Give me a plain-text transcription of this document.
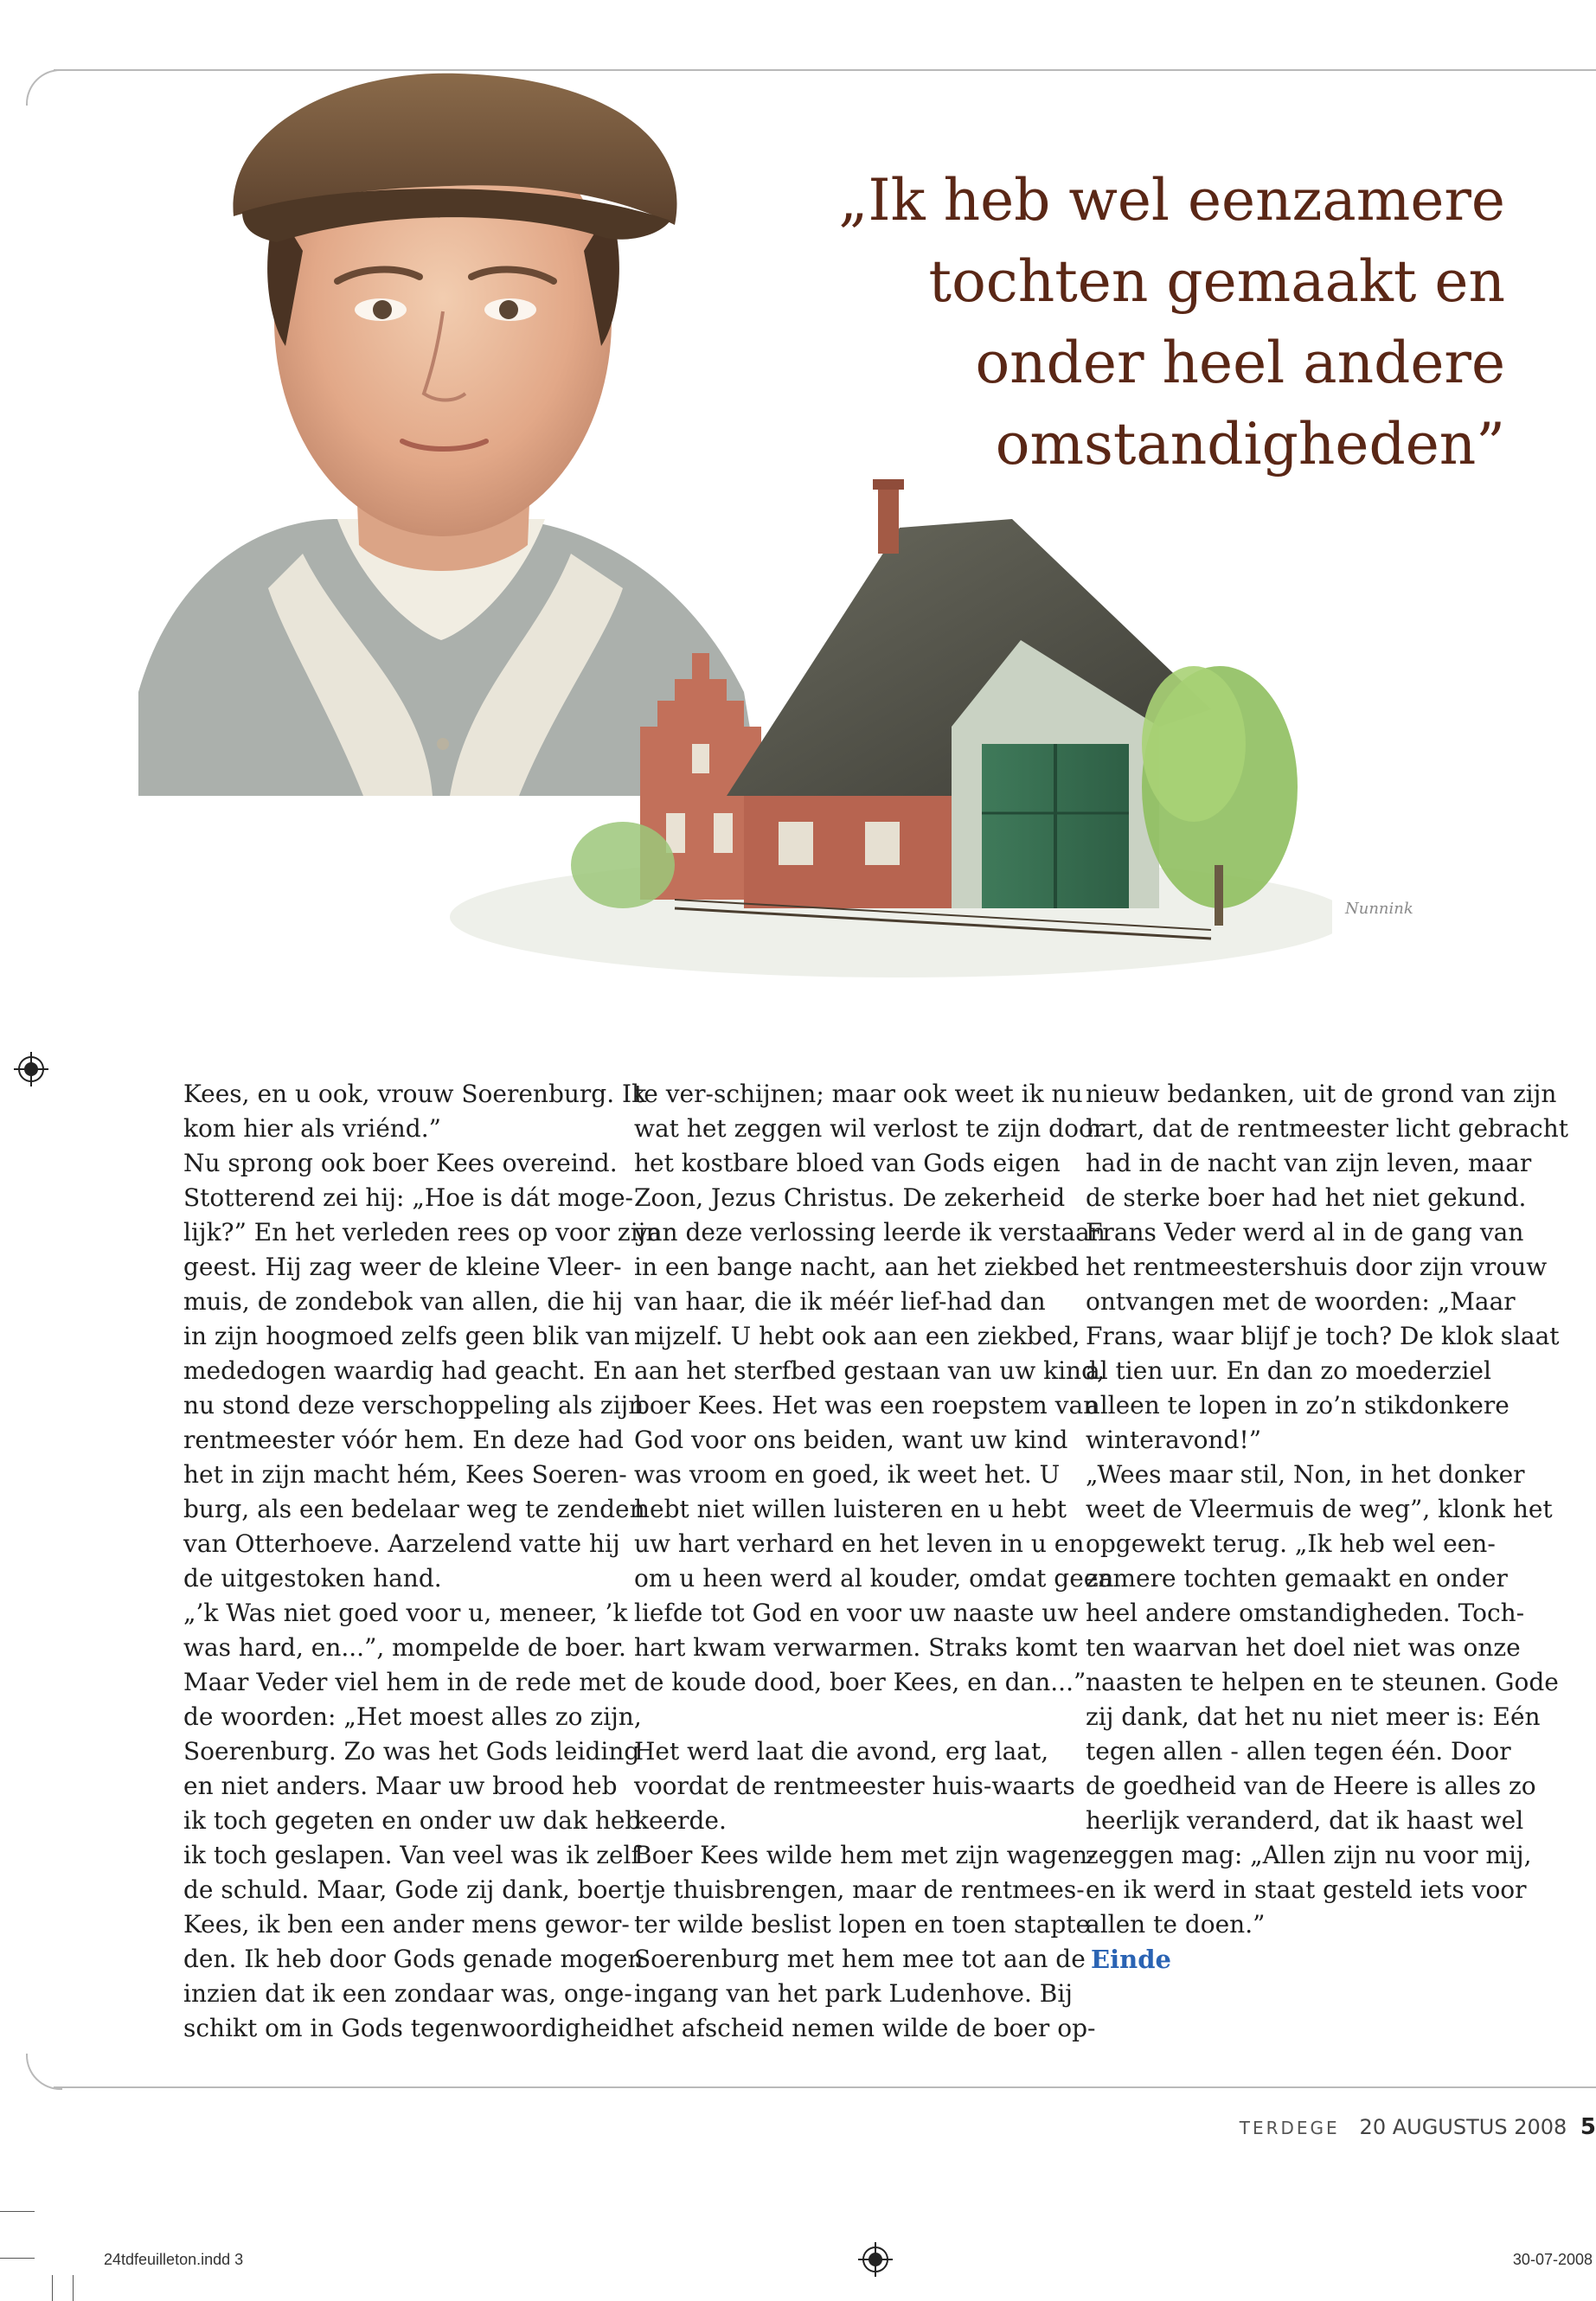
Nunnink
„Ik heb wel eenzamere
tochten gemaakt en
onder heel andere
omstandigheden”

Kees, en u ook, vrouw Soerenburg. Ik

kom hier als vriénd.”

Nu sprong ook boer Kees overeind.

Stotterend zei hij: „Hoe is dát moge-

lijk?” En het verleden rees op voor zijn

geest. Hij zag weer de kleine Vleer-

muis, de zondebok van allen, die hij

in zijn hoogmoed zelfs geen blik van

mededogen waardig had geacht. En

nu stond deze verschoppeling als zijn

rentmeester vóór hem. En deze had

het in zijn macht hém, Kees Soeren-

burg, als een bedelaar weg te zenden

van Otterhoeve. Aarzelend vatte hij

de uitgestoken hand.

„’k Was niet goed voor u, meneer, ’k

was hard, en...”, mompelde de boer.

Maar Veder viel hem in de rede met

de woorden: „Het moest alles zo zijn,

Soerenburg. Zo was het Gods leiding

en niet anders. Maar uw brood heb

ik toch gegeten en onder uw dak heb

ik toch geslapen. Van veel was ik zelf

de schuld. Maar, Gode zij dank, boer

Kees, ik ben een ander mens gewor-

den. Ik heb door Gods genade mogen

inzien dat ik een zondaar was, onge-

schikt om in Gods tegenwoordigheid

te ver-schijnen; maar ook weet ik nu

wat het zeggen wil verlost te zijn door

het kostbare bloed van Gods eigen

Zoon, Jezus Christus. De zekerheid

van deze verlossing leerde ik verstaan

in een bange nacht, aan het ziekbed

van haar, die ik méér lief-had dan

mijzelf. U hebt ook aan een ziekbed,

aan het sterfbed gestaan van uw kind,

boer Kees. Het was een roepstem van

God voor ons beiden, want uw kind

was vroom en goed, ik weet het. U

hebt niet willen luisteren en u hebt

uw hart verhard en het leven in u en

om u heen werd al kouder, omdat geen

liefde tot God en voor uw naaste uw

hart kwam verwarmen. Straks komt

de koude dood, boer Kees, en dan...”

Het werd laat die avond, erg laat,

voordat de rentmeester huis-waarts

keerde.

Boer Kees wilde hem met zijn wagen-

tje thuisbrengen, maar de rentmees-

ter wilde beslist lopen en toen stapte

Soerenburg met hem mee tot aan de

ingang van het park Ludenhove. Bij

het afscheid nemen wilde de boer op-

nieuw bedanken, uit de grond van zijn

hart, dat de rentmeester licht gebracht

had in de nacht van zijn leven, maar

de sterke boer had het niet gekund.

Frans Veder werd al in de gang van

het rentmeestershuis door zijn vrouw

ontvangen met de woorden: „Maar

Frans, waar blijf je toch? De klok slaat

al tien uur. En dan zo moederziel

alleen te lopen in zo’n stikdonkere

winteravond!”

„Wees maar stil, Non, in het donker

weet de Vleermuis de weg”, klonk het

opgewekt terug. „Ik heb wel een-

zamere tochten gemaakt en onder

heel andere omstandigheden. Toch-

ten waarvan het doel niet was onze

naasten te helpen en te steunen. Gode

zij dank, dat het nu niet meer is: Eén

tegen allen - allen tegen één. Door

de goedheid van de Heere is alles zo

heerlijk veranderd, dat ik haast wel

zeggen mag: „Allen zijn nu voor mij,

en ik werd in staat gesteld iets voor

allen te doen.”

Einde

TERDEGE 20 AUGUSTUS 2008 5
24tdfeuilleton.indd 3	30-07-2008
